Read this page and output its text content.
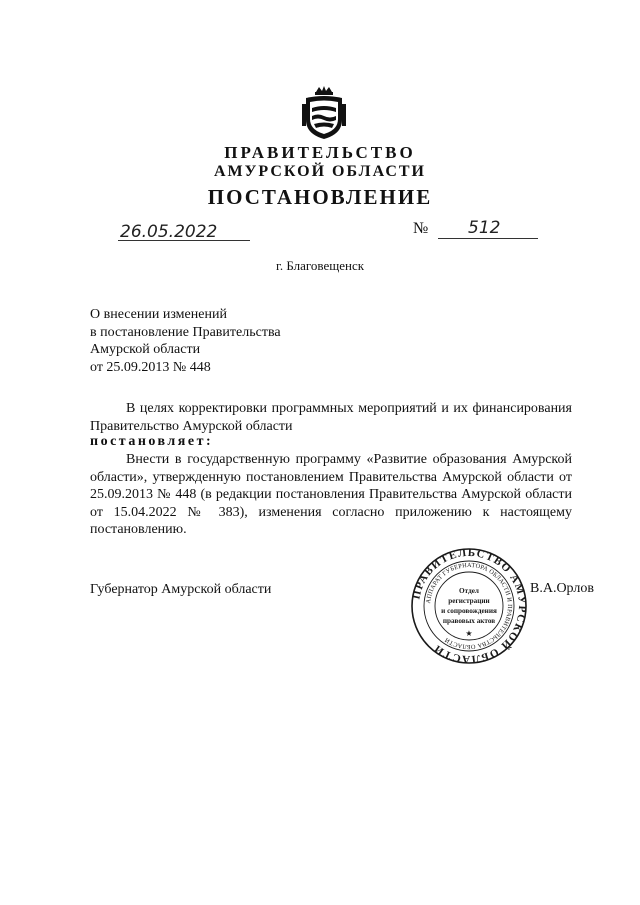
ПРАВИТЕЛЬСТВО
АМУРСКОЙ ОБЛАСТИ
ПОСТАНОВЛЕНИЕ
26.05.2022	№ 512
г. Благовещенск
О внесении изменений
в постановление Правительства
Амурской области
от 25.09.2013 № 448
В целях корректировки программных мероприятий и их финансирования Правительство Амурской области
постановляет:
Внести в государственную программу «Развитие образования Амурской области», утвержденную постановлением Правительства Амурской области от 25.09.2013 № 448 (в редакции постановления Правительства Амурской области от 15.04.2022 № 383), изменения согласно приложению к настоящему постановлению.
Губернатор Амурской области	В.А.Орлов
ПРАВИТЕЛЬСТВО АМУРСКОЙ ОБЛАСТИ
АППАРАТ ГУБЕРНАТОРА ОБЛАСТИ И ПРАВИТЕЛЬСТВА ОБЛАСТИ
Отдел
регистрации
и сопровождения
правовых актов
★
